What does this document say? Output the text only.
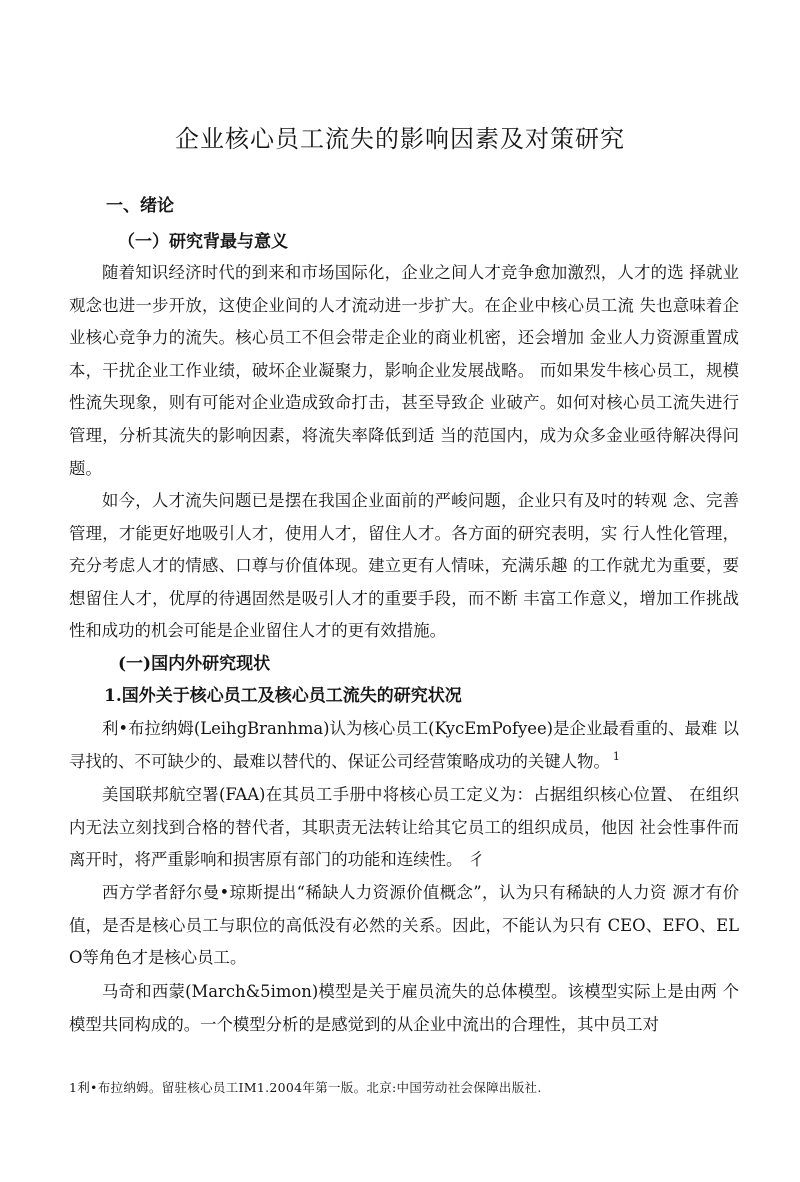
企业核心员工流失的影响因素及对策研究
一、绪论
（一）研究背最与意义

随着知识经济时代的到来和市场国际化，企业之间人才竞争愈加激烈，人才的选 择就业观念也进一步开放，这使企业间的人才流动进一步扩大。在企业中核心员工流 失也意味着企业核心竞争力的流失。核心员工不但会带走企业的商业机密，还会增加 金业人力资源重置成本，干扰企业工作业绩，破坏企业凝聚力，影响企业发展战略。 而如果发牛核心员工，规模性流失现象，则有可能对企业造成致命打击，甚至导致企 业破产。如何对核心员工流失进行管理，分析其流失的影响因素，将流失率降低到适 当的范国内，成为众多金业亟待解决得问题。

如今，人才流失问题已是摆在我国企业面前的严峻问题，企业只有及吋的转观 念、完善管理，才能更好地吸引人才，使用人才，留住人才。各方面的研究表明，实 行人性化管理，充分考虑人才的情感、口尊与价值体现。建立更有人情味，充满乐趣 的工作就尤为重要，要想留住人才，优厚的待遇固然是吸引人才的重要手段，而不断 丰富工作意义，增加工作挑战性和成功的机会可能是企业留住人才的更有效措施。

(一)国内外研究现状
1.国外关于核心员工及核心员工流失的研究状况

利•布拉纳姆(LeihgBranhma)认为核心员工(KycEmPofyee)是企业最看重的、最难 以寻找的、不可缺少的、最难以替代的、保证公司经营策略成功的关键人物。 $^1$

美国联邦航空署(FAA)在其员工手册中将核心员工定义为：占据组织核心位置、 在组织内无法立刻找到合格的替代者，其职责无法转让给其它员工的组织成员，他因 社会性事件而离开时，将严重影响和损害原有部门的功能和连续性。 彳

西方学者舒尔曼•琼斯提出“稀缺人力资源价值概念”，认为只有稀缺的人力资 源才有价值，是否是核心员工与职位的高低没有必然的关系。因此，不能认为只有 CEO、EFO、ELO等角色才是核心员工。

马奇和西蒙(March&5imon)模型是关于雇员流失的总体模型。该模型实际上是由两 个模型共同构成的。一个模型分析的是感觉到的从企业中流出的合理性，其中员工对

1利•布拉纳姆。留驻核心员工IM1.2004年第一版。北京:中国劳动社会保障出版社.
